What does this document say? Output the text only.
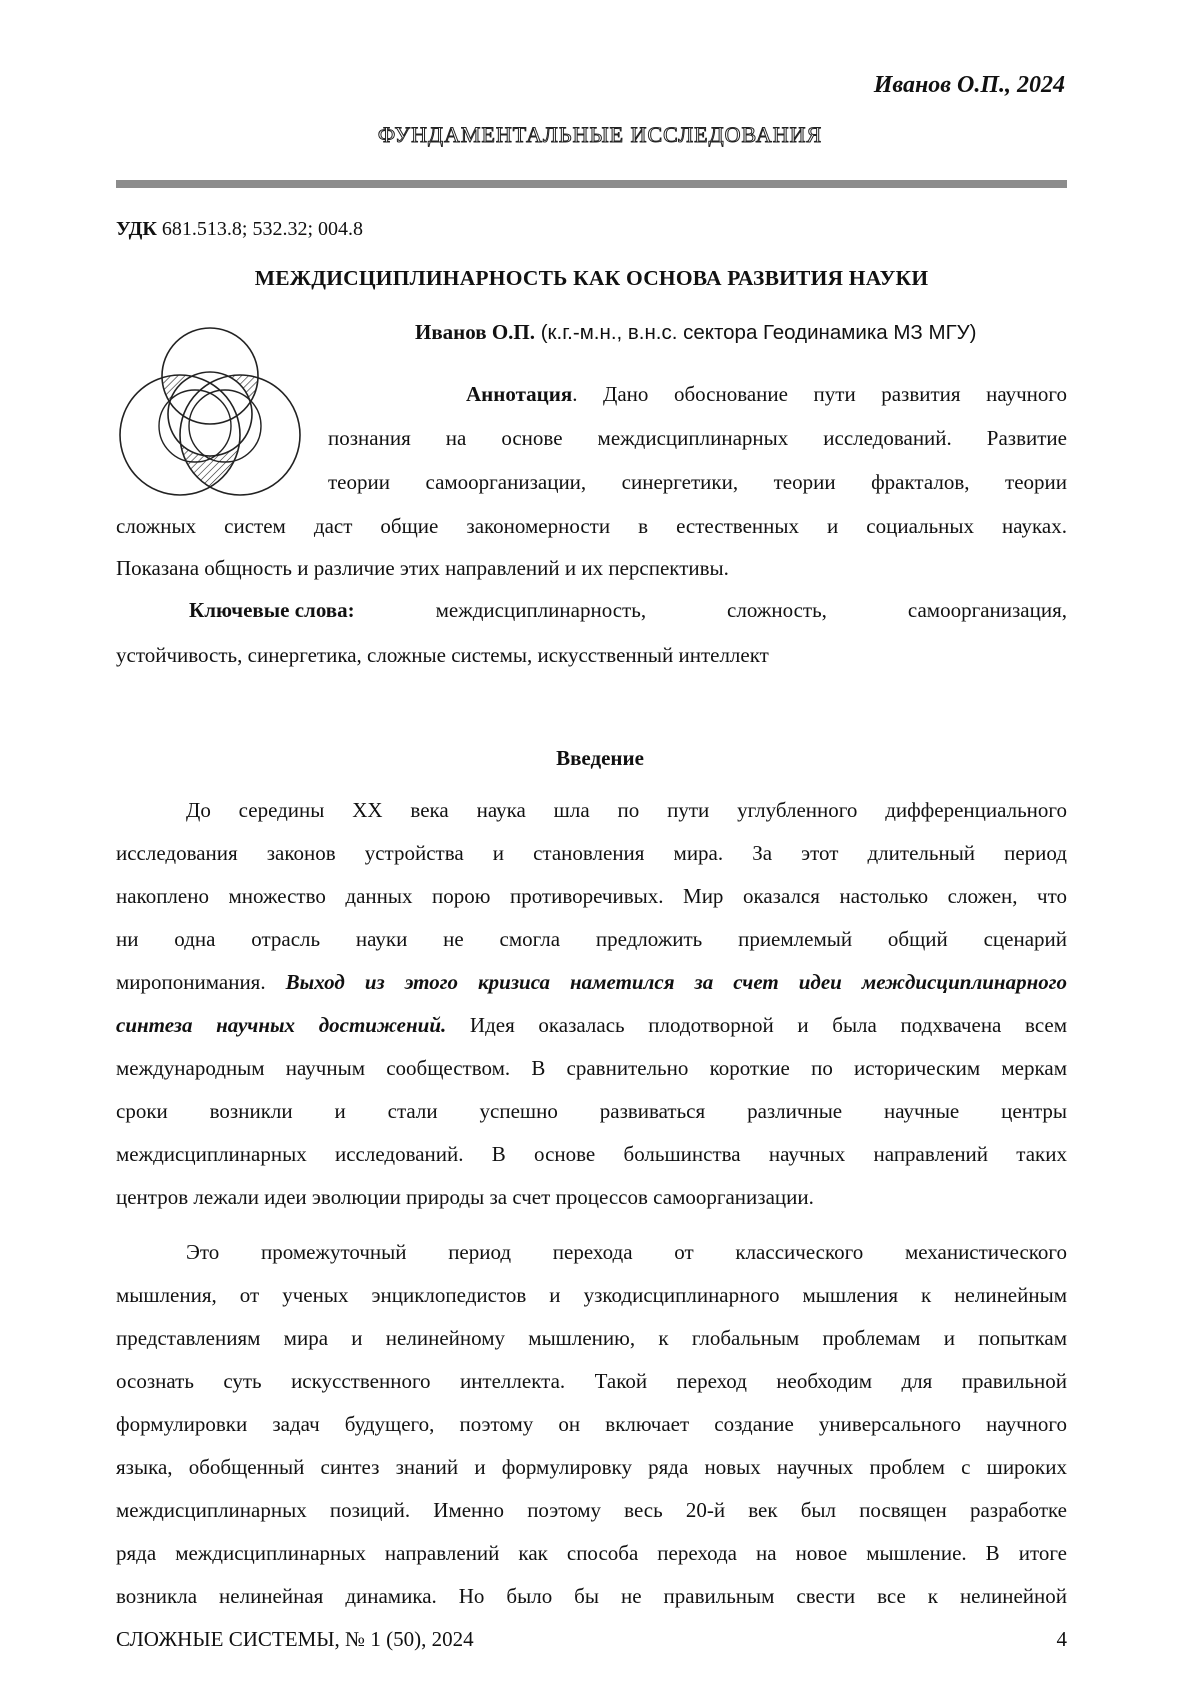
Иванов О.П., 2024
ФУНДАМЕНТАЛЬНЫЕ ИССЛЕДОВАНИЯ
УДК 681.513.8; 532.32; 004.8
МЕЖДИСЦИПЛИНАРНОСТЬ КАК ОСНОВА РАЗВИТИЯ НАУКИ
Иванов О.П. (к.г.-м.н., в.н.с. сектора Геодинамика МЗ МГУ)
Аннотация. Дано обоснование пути развития научного
познания на основе междисциплинарных исследований. Развитие
теории самоорганизации, синергетики, теории фракталов, теории
сложных систем даст общие закономерности в естественных и социальных науках.
Показана общность и различие этих направлений и их перспективы.
Ключевые слова:	междисциплинарность,	сложность,	самоорганизация,
устойчивость, синергетика, сложные системы, искусственный интеллект
Введение
До середины XX века наука шла по пути углубленного дифференциального
исследования законов устройства и становления мира. За этот длительный период
накоплено множество данных порою противоречивых. Мир оказался настолько сложен, что
ни одна отрасль науки не смогла предложить приемлемый общий сценарий
миропонимания. Выход из этого кризиса наметился за счет идеи междисциплинарного
синтеза научных достижений. Идея оказалась плодотворной и была подхвачена всем
международным научным сообществом. В сравнительно короткие по историческим меркам
сроки возникли и стали успешно развиваться различные научные центры
междисциплинарных исследований. В основе большинства научных направлений таких
центров лежали идеи эволюции природы за счет процессов самоорганизации.
Это промежуточный период перехода от классического механистического
мышления, от ученых энциклопедистов и узкодисциплинарного мышления к нелинейным
представлениям мира и нелинейному мышлению, к глобальным проблемам и попыткам
осознать суть искусственного интеллекта. Такой переход необходим для правильной
формулировки задач будущего, поэтому он включает создание универсального научного
языка, обобщенный синтез знаний и формулировку ряда новых научных проблем с широких
междисциплинарных позиций. Именно поэтому весь 20-й век был посвящен разработке
ряда междисциплинарных направлений как способа перехода на новое мышление. В итоге
возникла нелинейная динамика. Но было бы не правильным свести все к нелинейной
СЛОЖНЫЕ СИСТЕМЫ, № 1 (50), 2024	4
